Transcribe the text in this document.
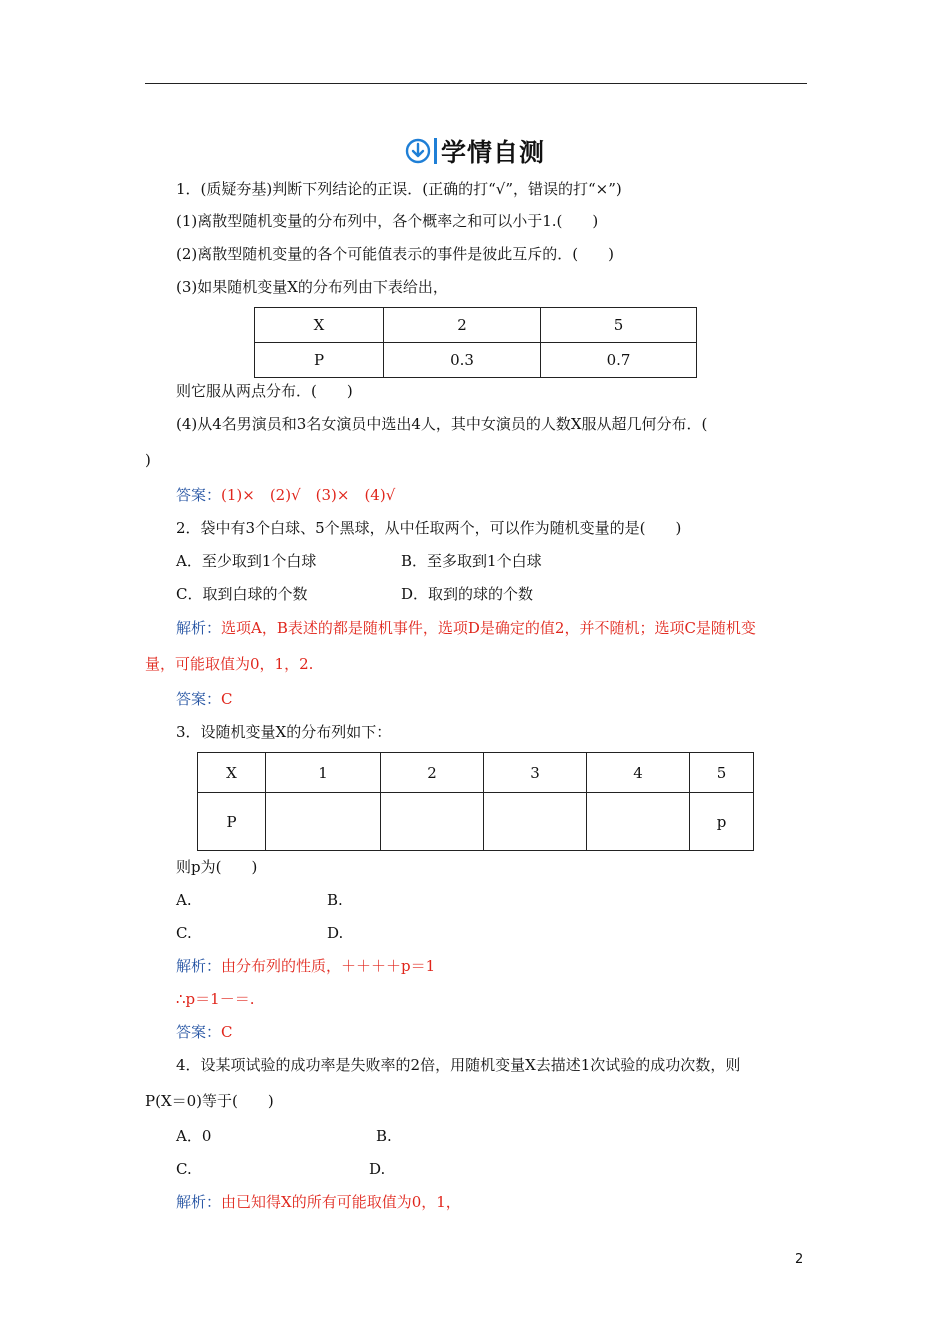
学情自测
1．(质疑夯基)判断下列结论的正误．(正确的打“√”，错误的打“×”)
(1)离散型随机变量的分布列中，各个概率之和可以小于1.(　　)
(2)离散型随机变量的各个可能值表示的事件是彼此互斥的．(　　)
(3)如果随机变量X的分布列由下表给出，
X	2	5
P	0.3	0.7
则它服从两点分布．(　　)
(4)从4名男演员和3名女演员中选出4人，其中女演员的人数X服从超几何分布．(
)
答案：(1)×　(2)√　(3)×　(4)√
2．袋中有3个白球、5个黑球，从中任取两个，可以作为随机变量的是(　　)
A．至少取到1个白球	B．至多取到1个白球
C．取到白球的个数	D．取到的球的个数
解析：选项A，B表述的都是随机事件，选项D是确定的值2，并不随机；选项C是随机变
量，可能取值为0，1，2.
答案：C
3．设随机变量X的分布列如下：
X	1	2	3	4	5
P					p
则p为(　　)
A.	B.
C.	D.
解析：由分布列的性质，＋＋＋＋p＝1
∴p＝1－＝.
答案：C
4．设某项试验的成功率是失败率的2倍，用随机变量X去描述1次试验的成功次数，则
P(X＝0)等于(　　)
A．0	B.
C.	D.
解析：由已知得X的所有可能取值为0，1，
2
